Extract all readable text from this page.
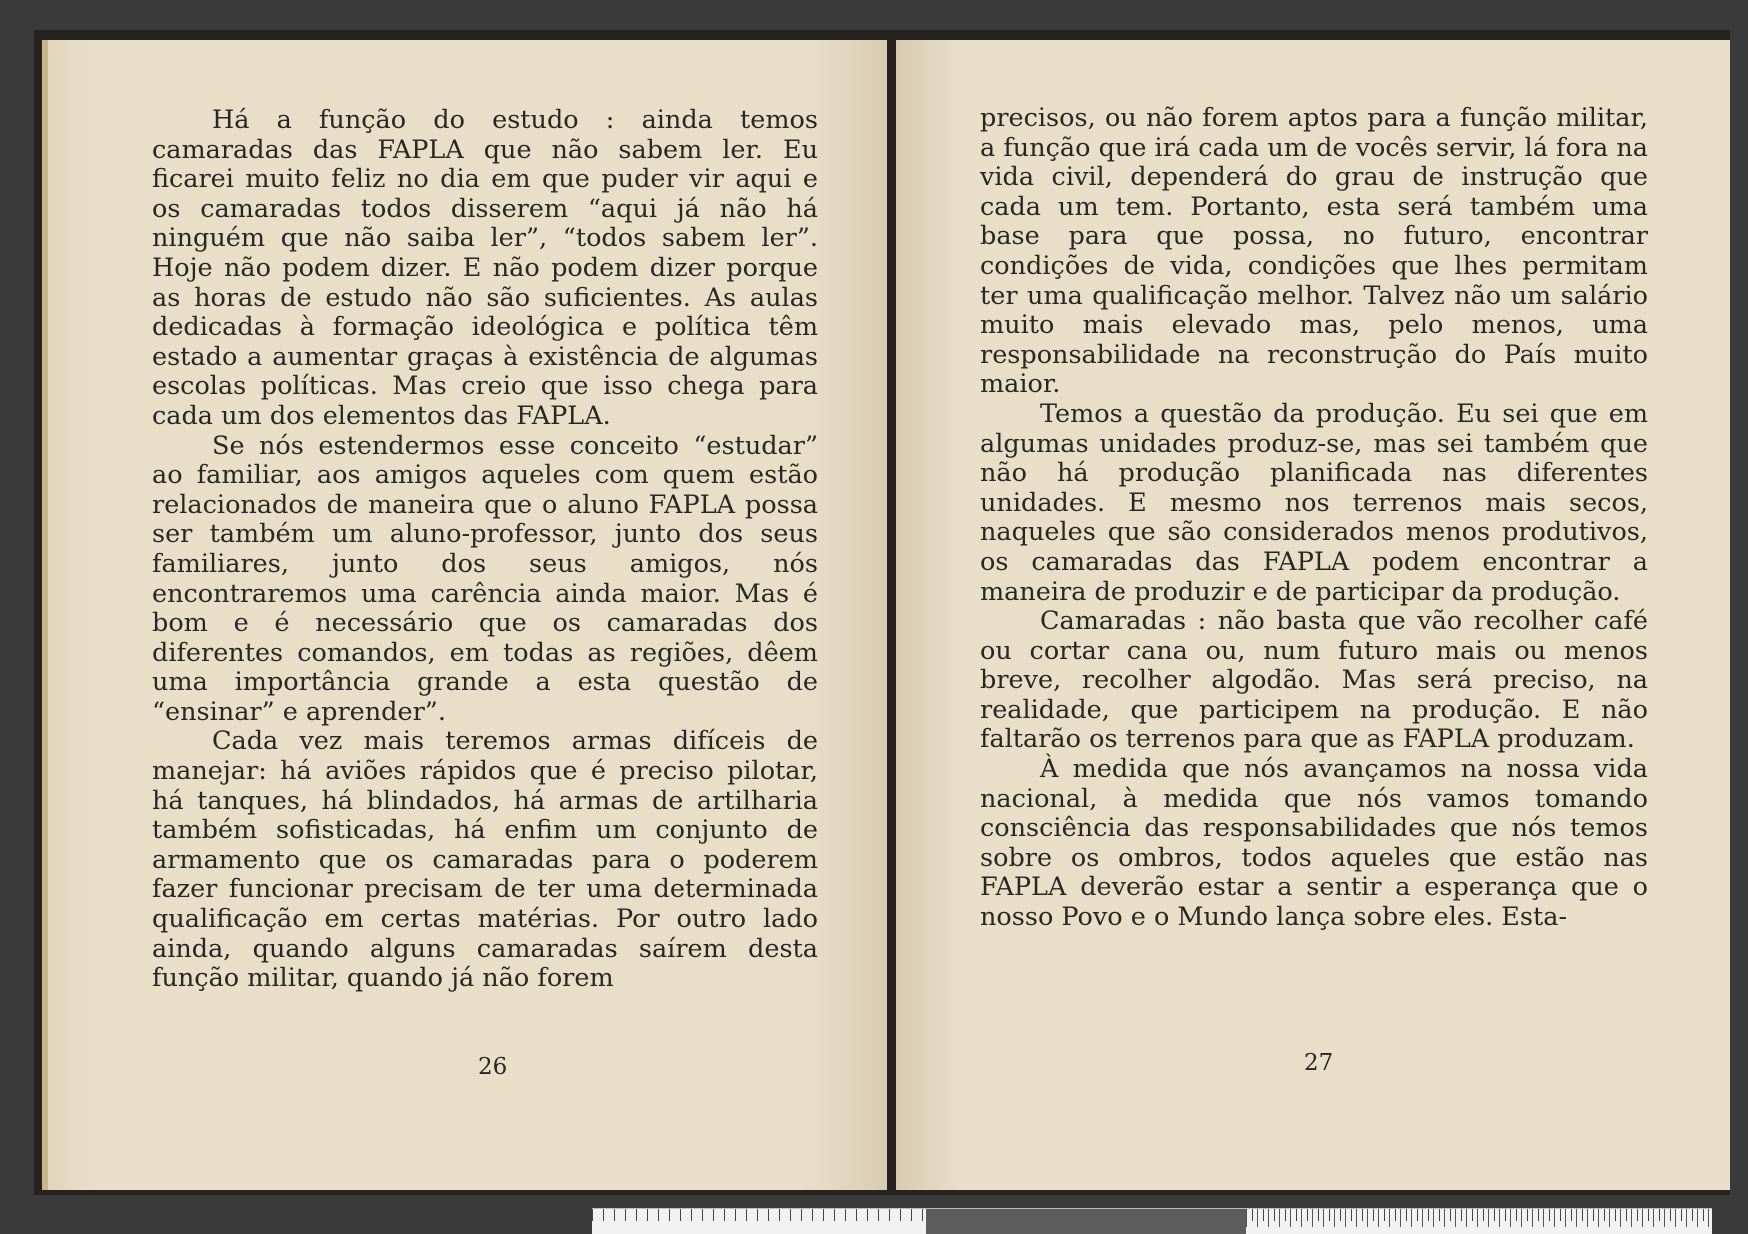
Há a função do estudo : ainda temos camaradas das FAPLA que não sabem ler. Eu ficarei muito feliz no dia em que puder vir aqui e os camaradas todos disserem “aqui já não há ninguém que não saiba ler”, “todos sabem ler”. Hoje não podem dizer. E não podem dizer porque as horas de estudo não são suficientes. As aulas dedicadas à formação ideológica e política têm estado a aumentar graças à existência de algumas escolas políticas. Mas creio que isso chega para cada um dos elementos das FAPLA.

Se nós estendermos esse conceito “estudar” ao familiar, aos amigos aqueles com quem estão relacionados de maneira que o aluno FAPLA possa ser também um aluno-professor, junto dos seus familiares, junto dos seus amigos, nós encontraremos uma carência ainda maior. Mas é bom e é necessário que os camaradas dos diferentes comandos, em todas as regiões, dêem uma importância grande a esta questão de “ensinar” e aprender”.

Cada vez mais teremos armas difíceis de manejar: há aviões rápidos que é preciso pilotar, há tanques, há blindados, há armas de artilharia também sofisticadas, há enfim um conjunto de armamento que os camaradas para o poderem fazer funcionar precisam de ter uma determinada qualificação em certas matérias. Por outro lado ainda, quando alguns camaradas saírem desta função militar, quando já não forem

26

precisos, ou não forem aptos para a função militar, a função que irá cada um de vocês servir, lá fora na vida civil, dependerá do grau de instrução que cada um tem. Portanto, esta será também uma base para que possa, no futuro, encontrar condições de vida, condições que lhes permitam ter uma qualificação melhor. Talvez não um salário muito mais elevado mas, pelo menos, uma responsabilidade na reconstrução do País muito maior.

Temos a questão da produção. Eu sei que em algumas unidades produz-se, mas sei também que não há produção planificada nas diferentes unidades. E mesmo nos terrenos mais secos, naqueles que são considerados menos produtivos, os camaradas das FAPLA podem encontrar a maneira de produzir e de participar da produção.

Camaradas : não basta que vão recolher café ou cortar cana ou, num futuro mais ou menos breve, recolher algodão. Mas será preciso, na realidade, que participem na produção. E não faltarão os terrenos para que as FAPLA produzam.

À medida que nós avançamos na nossa vida nacional, à medida que nós vamos tomando consciência das responsabilidades que nós temos sobre os ombros, todos aqueles que estão nas FAPLA deverão estar a sentir a esperança que o nosso Povo e o Mundo lança sobre eles. Esta-

27
